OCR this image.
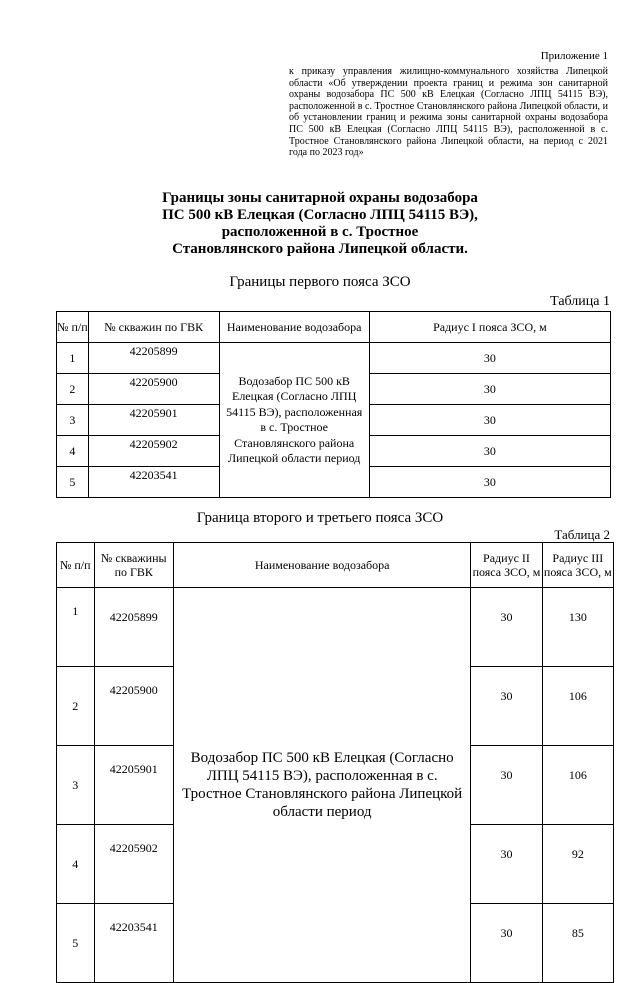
Приложение 1
к приказу управления жилищно-коммунального хозяйства Липецкой области «Об утверждении проекта границ и режима зон санитарной охраны водозабора ПС 500 кВ Елецкая (Согласно ЛПЦ 54115 ВЭ), расположенной в с. Тростное Становлянского района Липецкой области, и об установлении границ и режима зоны санитарной охраны водозабора ПС 500 кВ Елецкая (Согласно ЛПЦ 54115 ВЭ), расположенной в с. Тростное Становлянского района Липецкой области, на период с 2021 года по 2023 год»
Границы зоны санитарной охраны водозабора
ПС 500 кВ Елецкая (Согласно ЛПЦ 54115 ВЭ),
расположенной в с. Тростное
Становлянского района Липецкой области.
Границы первого пояса ЗСО
Таблица 1
№ п/п	№ скважин по ГВК	Наименование водозабора	Радиус I пояса ЗСО, м
1	42205899	Водозабор ПС 500 кВ Елецкая (Согласно ЛПЦ 54115 ВЭ), расположенная в с. Тростное Становлянского района Липецкой области период	30
2	42205900		30
3	42205901		30
4	42205902		30
5	42203541		30
Граница второго и третьего пояса ЗСО
Таблица 2
№ п/п	№ скважины по ГВК	Наименование водозабора	Радиус II пояса ЗСО, м	Радиус III пояса ЗСО, м
1	42205899	Водозабор ПС 500 кВ Елецкая (Согласно ЛПЦ 54115 ВЭ), расположенная в с. Тростное Становлянского района Липецкой области период	30	130
2	42205900		30	106
3	42205901		30	106
4	42205902		30	92
5	42203541		30	85
